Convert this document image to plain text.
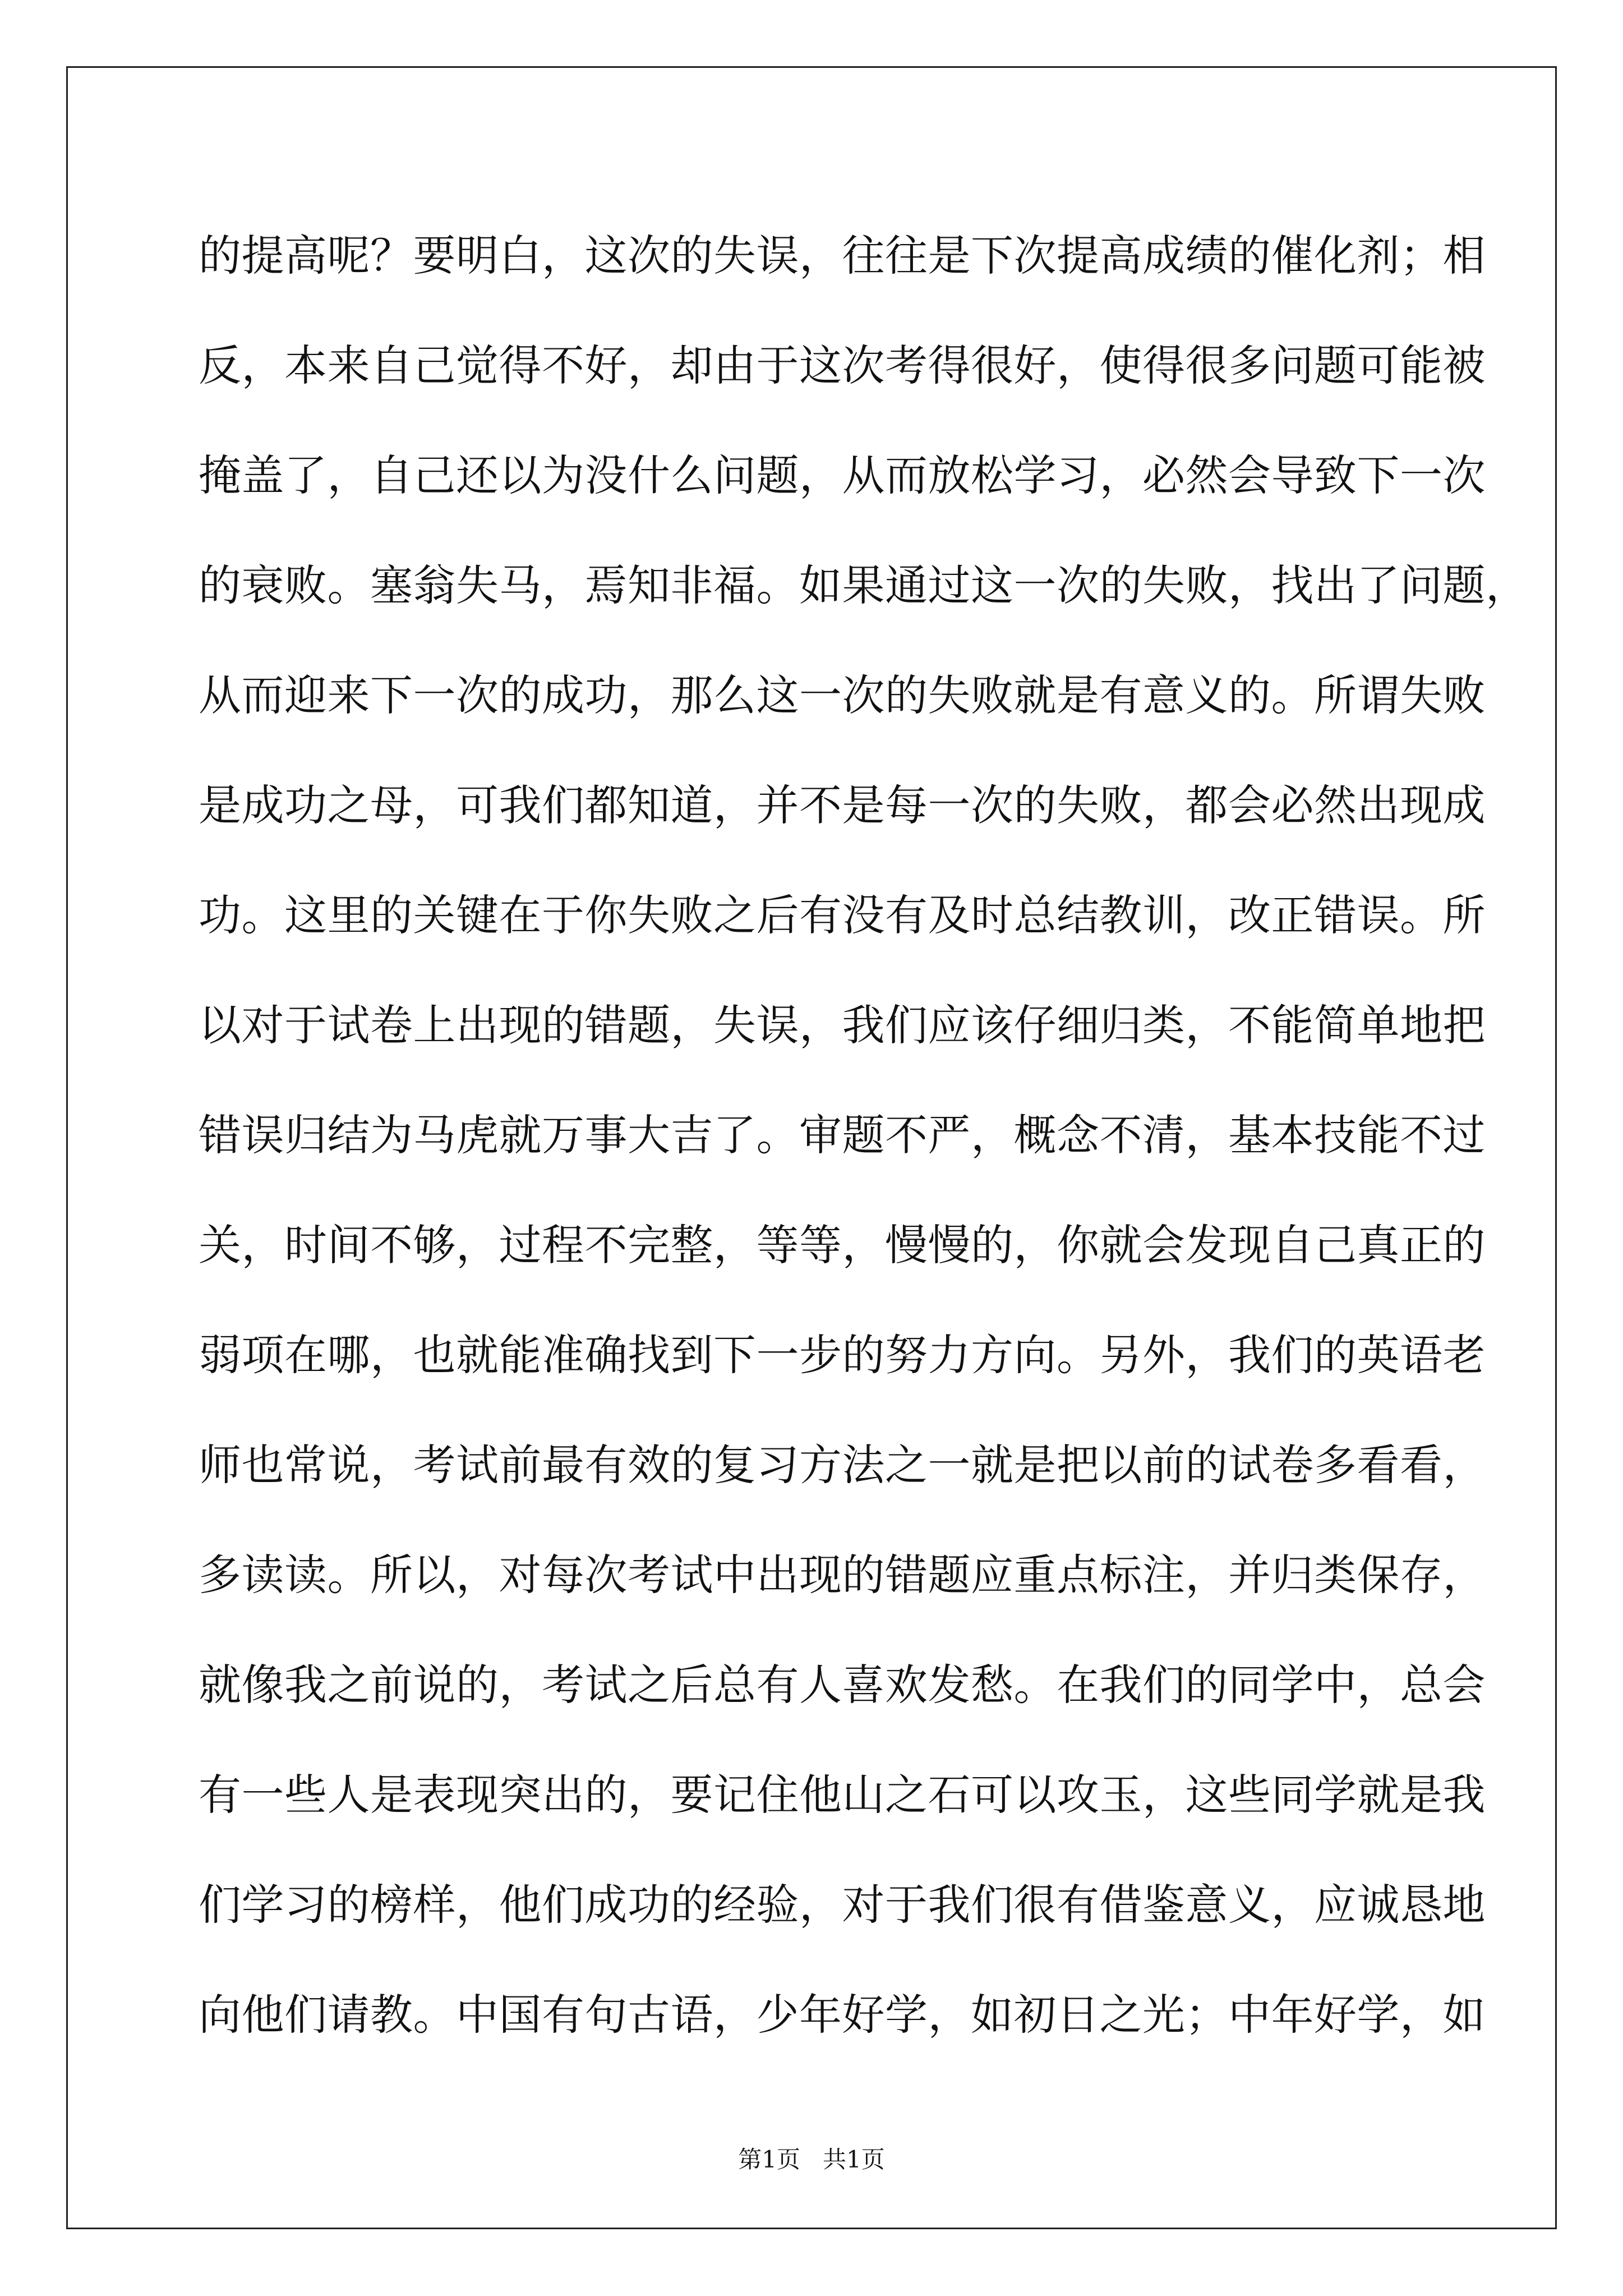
的提高呢？要明白，这次的失误，往往是下次提高成绩的催化剂；相
反，本来自己觉得不好，却由于这次考得很好，使得很多问题可能被
掩盖了，自己还以为没什么问题，从而放松学习，必然会导致下一次
的衰败。塞翁失马，焉知非福。如果通过这一次的失败，找出了问题，
从而迎来下一次的成功，那么这一次的失败就是有意义的。所谓失败
是成功之母，可我们都知道，并不是每一次的失败，都会必然出现成
功。这里的关键在于你失败之后有没有及时总结教训，改正错误。所
以对于试卷上出现的错题，失误，我们应该仔细归类，不能简单地把
错误归结为马虎就万事大吉了。审题不严，概念不清，基本技能不过
关，时间不够，过程不完整，等等，慢慢的，你就会发现自己真正的
弱项在哪，也就能准确找到下一步的努力方向。另外，我们的英语老
师也常说，考试前最有效的复习方法之一就是把以前的试卷多看看，
多读读。所以，对每次考试中出现的错题应重点标注，并归类保存，
就像我之前说的，考试之后总有人喜欢发愁。在我们的同学中，总会
有一些人是表现突出的，要记住他山之石可以攻玉，这些同学就是我
们学习的榜样，他们成功的经验，对于我们很有借鉴意义，应诚恳地
向他们请教。中国有句古语，少年好学，如初日之光；中年好学，如
第1页 共1页
